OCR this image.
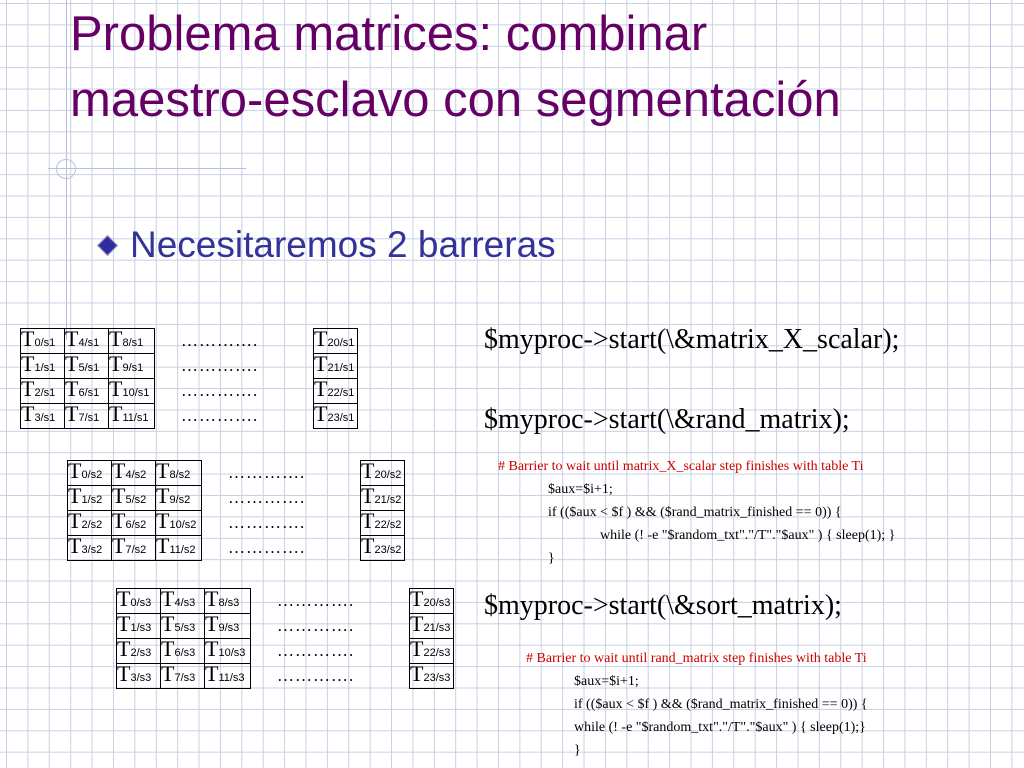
Problema matrices: combinar
maestro-esclavo con segmentación
Necesitaremos 2 barreras
T0/s1	T4/s1	T8/s1		………….		T20/s1
T1/s1	T5/s1	T9/s1		………….		T21/s1
T2/s1	T6/s1	T10/s1		………….		T22/s1
T3/s1	T7/s1	T11/s1		………….		T23/s1
T0/s2	T4/s2	T8/s2		………….		T20/s2
T1/s2	T5/s2	T9/s2		………….		T21/s2
T2/s2	T6/s2	T10/s2		………….		T22/s2
T3/s2	T7/s2	T11/s2		………….		T23/s2
T0/s3	T4/s3	T8/s3		………….		T20/s3
T1/s3	T5/s3	T9/s3		………….		T21/s3
T2/s3	T6/s3	T10/s3		………….		T22/s3
T3/s3	T7/s3	T11/s3		………….		T23/s3
$myproc->start(\&matrix_X_scalar);
$myproc->start(\&rand_matrix);
# Barrier to wait until matrix_X_scalar step finishes with table Ti
$aux=$i+1;
if (($aux < $f ) && ($rand_matrix_finished == 0)) {
while (! -e "$random_txt"."/T"."$aux" ) { sleep(1); }
}
$myproc->start(\&sort_matrix);
# Barrier to wait until rand_matrix step finishes with table Ti
$aux=$i+1;
if (($aux < $f ) && ($rand_matrix_finished == 0)) {
while (! -e "$random_txt"."/T"."$aux" ) { sleep(1);}
}
